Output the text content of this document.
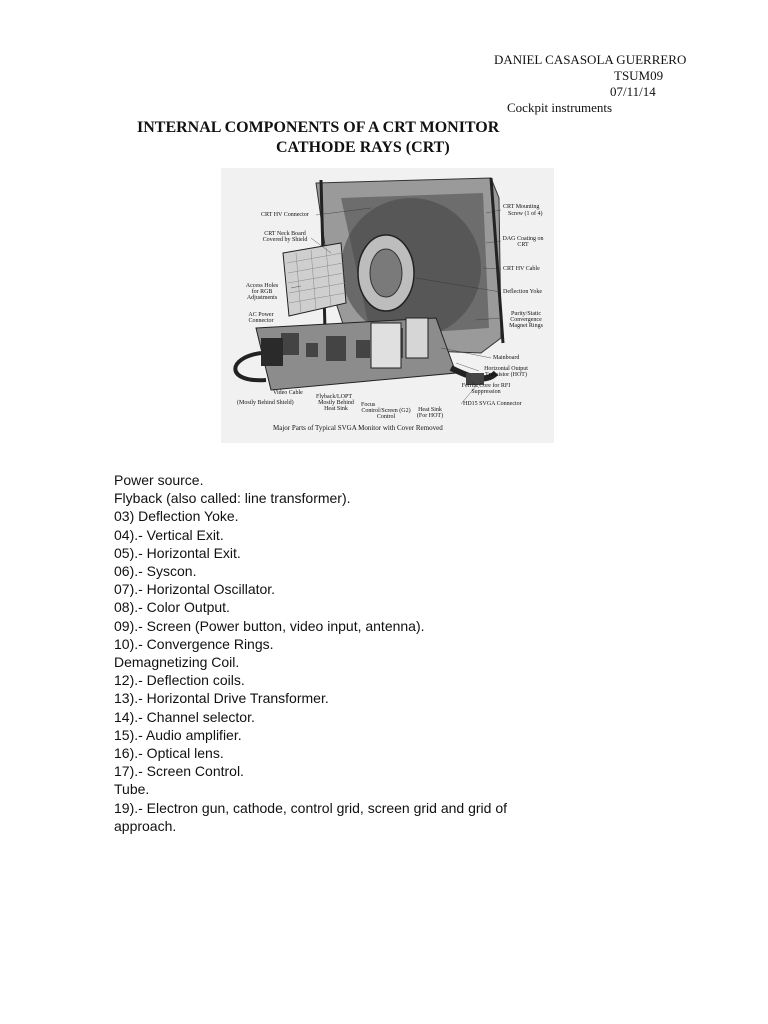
DANIEL CASASOLA GUERRERO
TSUM09
07/11/14
Cockpit instruments
INTERNAL COMPONENTS OF A CRT MONITOR
CATHODE RAYS (CRT)
CRT HV Connector
CRT Neck Board Covered by Shield
Access Holes for RGB Adjustments
AC Power Connector
Video Cable
(Mostly Behind Shield)
Flyback/LOPT
Mostly Behind Heat Sink
Focus
Control/Screen (G2) Control
Heat Sink (For HOT)
CRT Mounting
Screw (1 of 4)
DAG Coating on CRT
CRT HV Cable
Deflection Yoke
Purity/Static Convergence Magnet Rings
Mainboard
Horizontal Output Transistor (HOT)
Ferrite Core for RFI Suppression
HD15 SVGA Connector
Major Parts of Typical SVGA Monitor with Cover Removed
Power source.
Flyback (also called: line transformer).
03) Deflection Yoke.
04).- Vertical Exit.
05).- Horizontal Exit.
06).- Syscon.
07).- Horizontal Oscillator.
08).- Color Output.
09).- Screen (Power button, video input, antenna).
10).- Convergence Rings.
Demagnetizing Coil.
12).- Deflection coils.
13).- Horizontal Drive Transformer.
14).- Channel selector.
15).- Audio amplifier.
16).- Optical lens.
17).- Screen Control.
Tube.
19).- Electron gun, cathode, control grid, screen grid and grid of approach.
